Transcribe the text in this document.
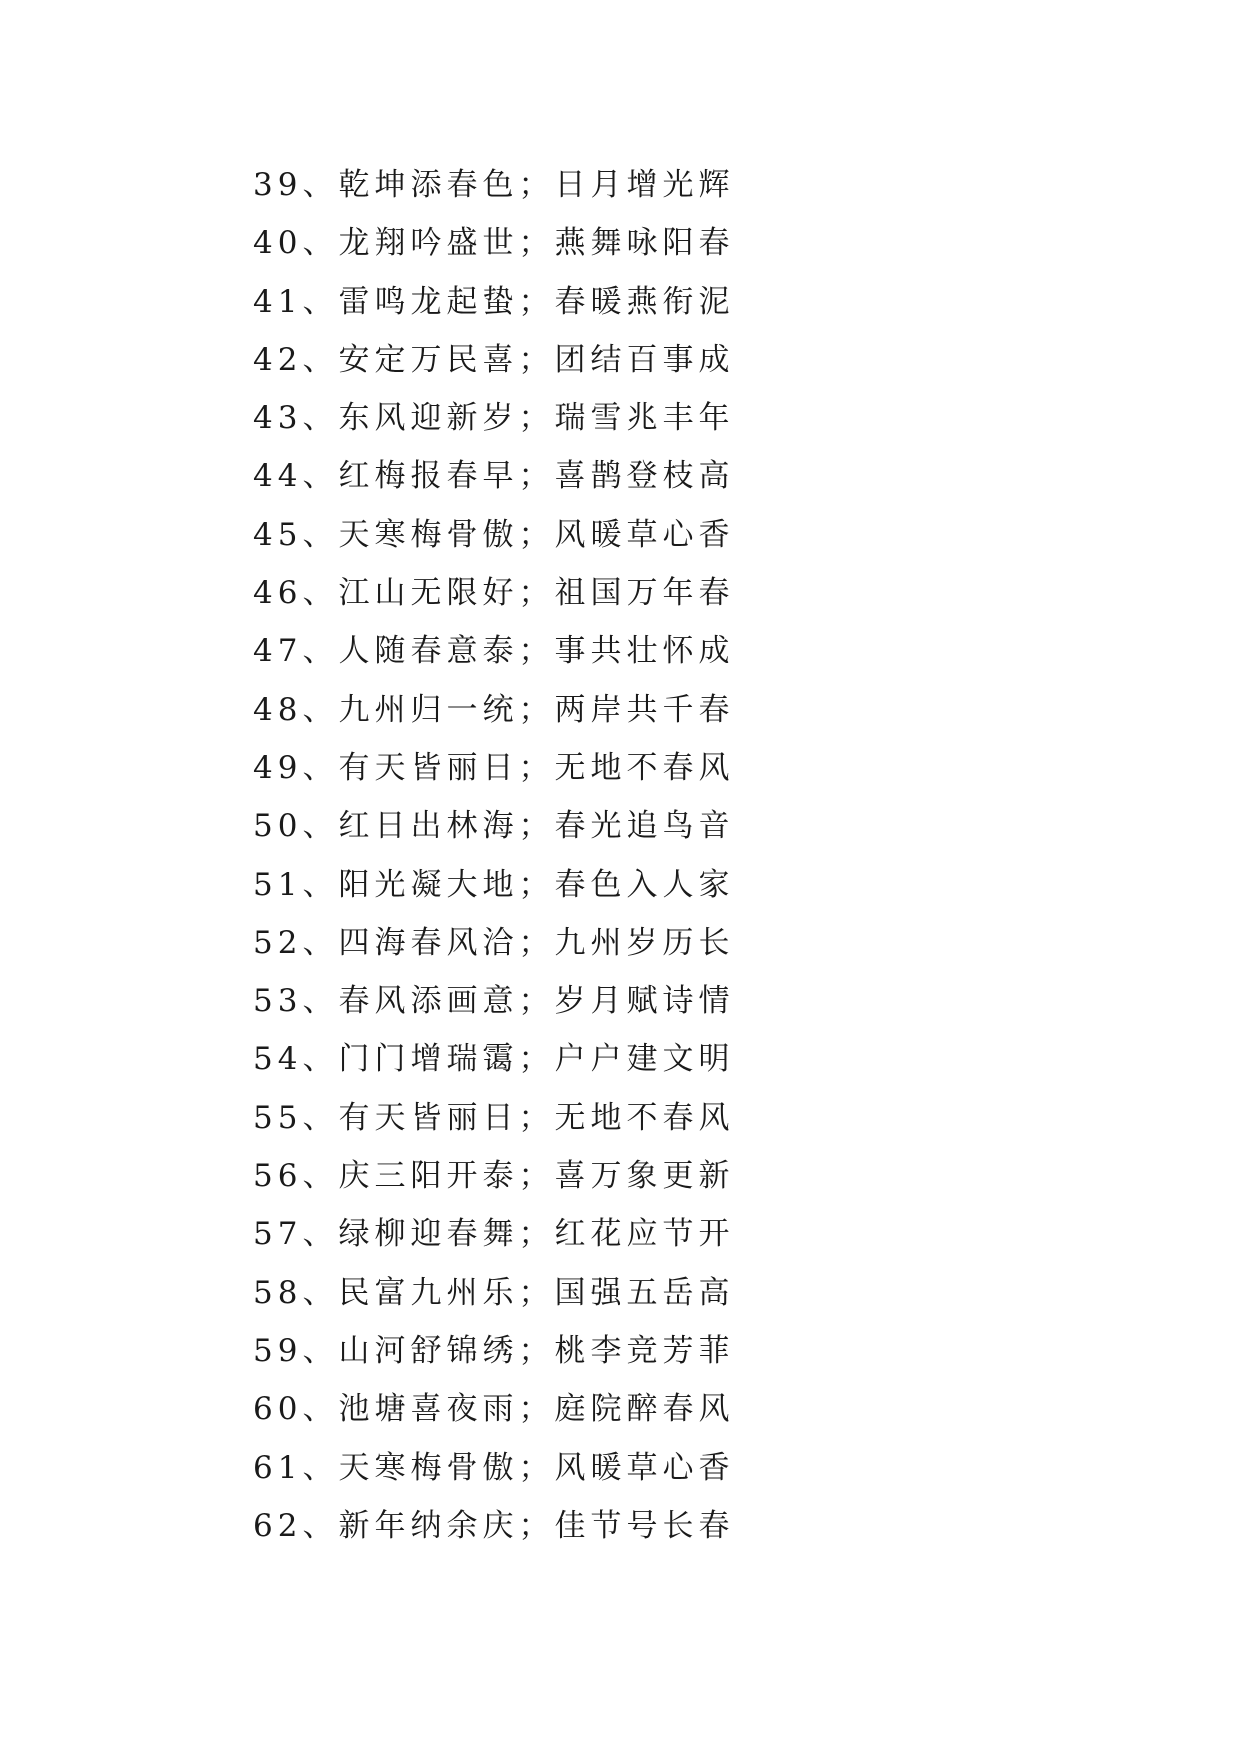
39、乾坤添春色；日月增光辉
40、龙翔吟盛世；燕舞咏阳春
41、雷鸣龙起蛰；春暖燕衔泥
42、安定万民喜；团结百事成
43、东风迎新岁；瑞雪兆丰年
44、红梅报春早；喜鹊登枝高
45、天寒梅骨傲；风暖草心香
46、江山无限好；祖国万年春
47、人随春意泰；事共壮怀成
48、九州归一统；两岸共千春
49、有天皆丽日；无地不春风
50、红日出林海；春光追鸟音
51、阳光凝大地；春色入人家
52、四海春风洽；九州岁历长
53、春风添画意；岁月赋诗情
54、门门增瑞霭；户户建文明
55、有天皆丽日；无地不春风
56、庆三阳开泰；喜万象更新
57、绿柳迎春舞；红花应节开
58、民富九州乐；国强五岳高
59、山河舒锦绣；桃李竞芳菲
60、池塘喜夜雨；庭院醉春风
61、天寒梅骨傲；风暖草心香
62、新年纳余庆；佳节号长春
